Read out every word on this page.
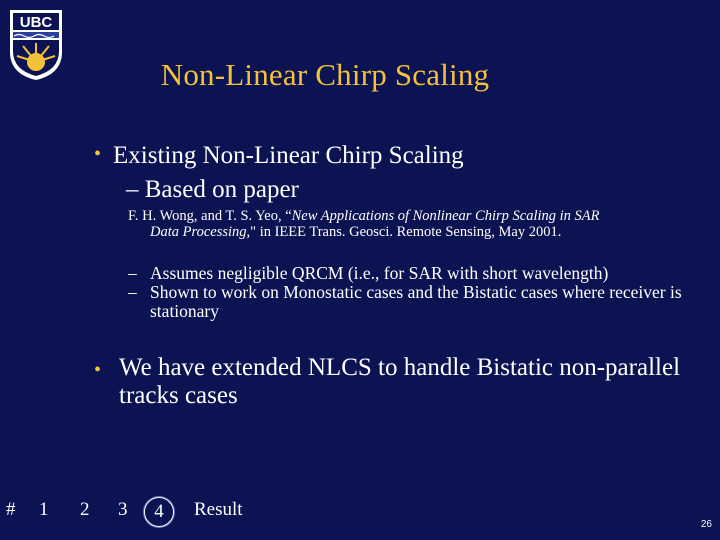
UBC
Non-Linear Chirp Scaling
• Existing Non-Linear Chirp Scaling
– Based on paper
F. H. Wong, and T. S. Yeo, “New Applications of Nonlinear Chirp Scaling in SAR
Data Processing," in IEEE Trans. Geosci. Remote Sensing, May 2001.
– Assumes negligible QRCM (i.e., for SAR with short wavelength)
– Shown to work on Monostatic cases and the Bistatic cases where receiver is stationary
• We have extended NLCS to handle Bistatic non-parallel tracks cases
# 1 2 3	4	Result
26
